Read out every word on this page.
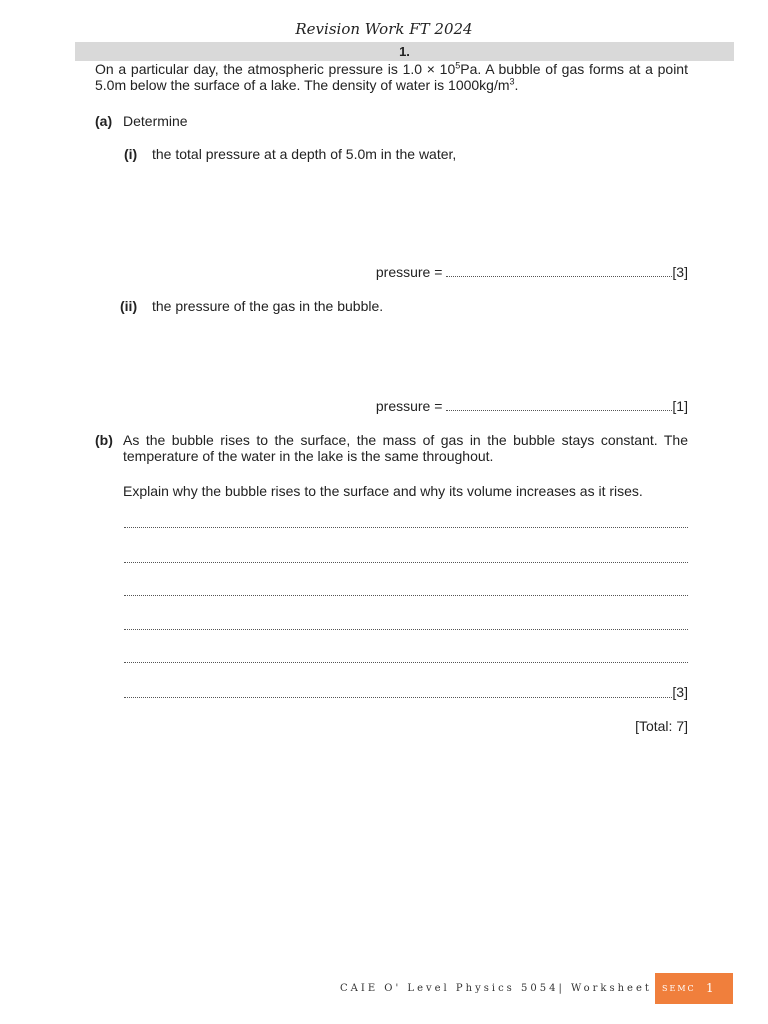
Revision Work FT 2024
1.
On a particular day, the atmospheric pressure is $1.0 \times 10^5Pa$. A bubble of gas forms at a point 5.0m below the surface of a lake. The density of water is $1000kg/m^3$.
(a) Determine
(i) the total pressure at a depth of 5.0m in the water,
pressure =	[3]
(ii) the pressure of the gas in the bubble.
pressure =	[1]
(b) As the bubble rises to the surface, the mass of gas in the bubble stays constant. The temperature of the water in the lake is the same throughout.
Explain why the bubble rises to the surface and why its volume increases as it rises.
[3]
[Total: 7]
CAIE O' Level Physics 5054| Worksheet SEMC 1
